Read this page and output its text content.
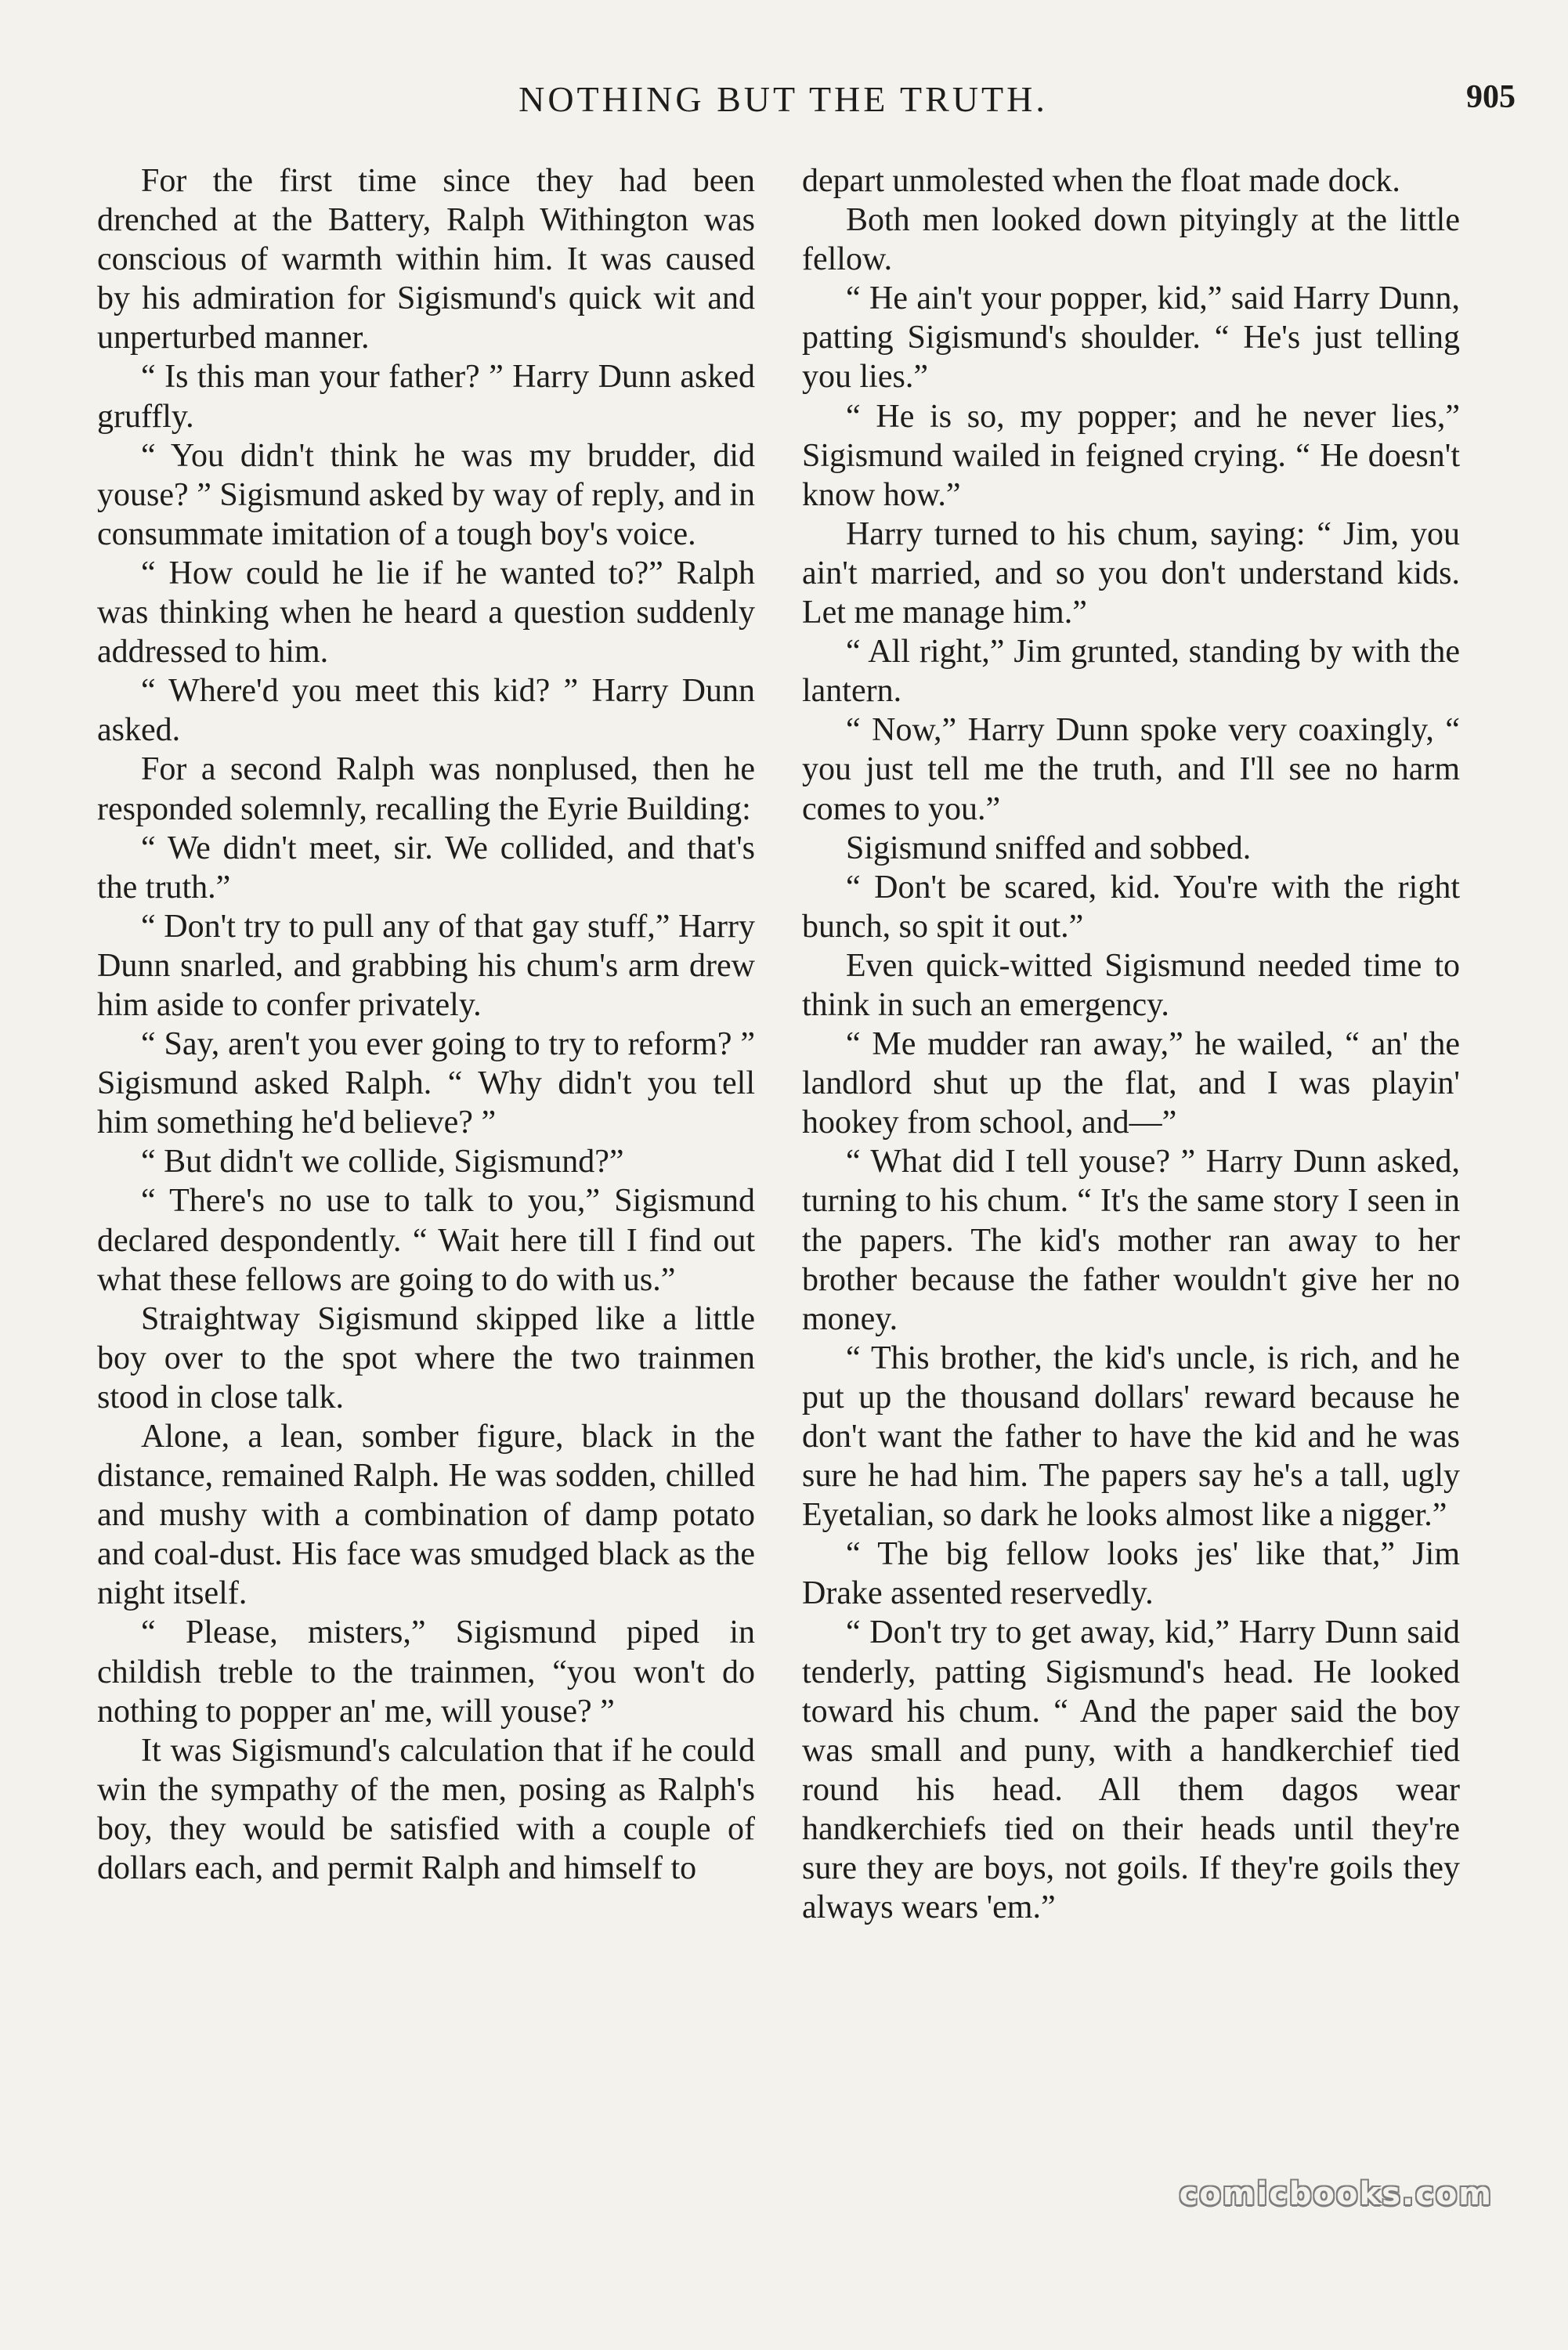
NOTHING BUT THE TRUTH.	905

For the first time since they had been drenched at the Battery, Ralph Withington was conscious of warmth within him. It was caused by his admiration for Sigismund's quick wit and unperturbed manner.

“ Is this man your father? ” Harry Dunn asked gruffly.

“ You didn't think he was my brudder, did youse? ” Sigismund asked by way of reply, and in consummate imitation of a tough boy's voice.

“ How could he lie if he wanted to?” Ralph was thinking when he heard a question suddenly addressed to him.

“ Where'd you meet this kid? ” Harry Dunn asked.

For a second Ralph was nonplused, then he responded solemnly, recalling the Eyrie Building:

“ We didn't meet, sir. We collided, and that's the truth.”

“ Don't try to pull any of that gay stuff,” Harry Dunn snarled, and grabbing his chum's arm drew him aside to confer privately.

“ Say, aren't you ever going to try to reform? ” Sigismund asked Ralph. “ Why didn't you tell him something he'd believe? ”

“ But didn't we collide, Sigismund?”

“ There's no use to talk to you,” Sigismund declared despondently. “ Wait here till I find out what these fellows are going to do with us.”

Straightway Sigismund skipped like a little boy over to the spot where the two trainmen stood in close talk.

Alone, a lean, somber figure, black in the distance, remained Ralph. He was sodden, chilled and mushy with a combination of damp potato and coal-dust. His face was smudged black as the night itself.

“ Please, misters,” Sigismund piped in childish treble to the trainmen, “you won't do nothing to popper an' me, will youse? ”

It was Sigismund's calculation that if he could win the sympathy of the men, posing as Ralph's boy, they would be satisfied with a couple of dollars each, and permit Ralph and himself to

depart unmolested when the float made dock.

Both men looked down pityingly at the little fellow.

“ He ain't your popper, kid,” said Harry Dunn, patting Sigismund's shoulder. “ He's just telling you lies.”

“ He is so, my popper; and he never lies,” Sigismund wailed in feigned crying. “ He doesn't know how.”

Harry turned to his chum, saying: “ Jim, you ain't married, and so you don't understand kids. Let me manage him.”

“ All right,” Jim grunted, standing by with the lantern.

“ Now,” Harry Dunn spoke very coaxingly, “ you just tell me the truth, and I'll see no harm comes to you.”

Sigismund sniffed and sobbed.

“ Don't be scared, kid. You're with the right bunch, so spit it out.”

Even quick-witted Sigismund needed time to think in such an emergency.

“ Me mudder ran away,” he wailed, “ an' the landlord shut up the flat, and I was playin' hookey from school, and—”

“ What did I tell youse? ” Harry Dunn asked, turning to his chum. “ It's the same story I seen in the papers. The kid's mother ran away to her brother because the father wouldn't give her no money.

“ This brother, the kid's uncle, is rich, and he put up the thousand dollars' reward because he don't want the father to have the kid and he was sure he had him. The papers say he's a tall, ugly Eyetalian, so dark he looks almost like a nigger.”

“ The big fellow looks jes' like that,” Jim Drake assented reservedly.

“ Don't try to get away, kid,” Harry Dunn said tenderly, patting Sigismund's head. He looked toward his chum. “ And the paper said the boy was small and puny, with a handkerchief tied round his head. All them dagos wear handkerchiefs tied on their heads until they're sure they are boys, not goils. If they're goils they always wears 'em.”

comicbooks.com
